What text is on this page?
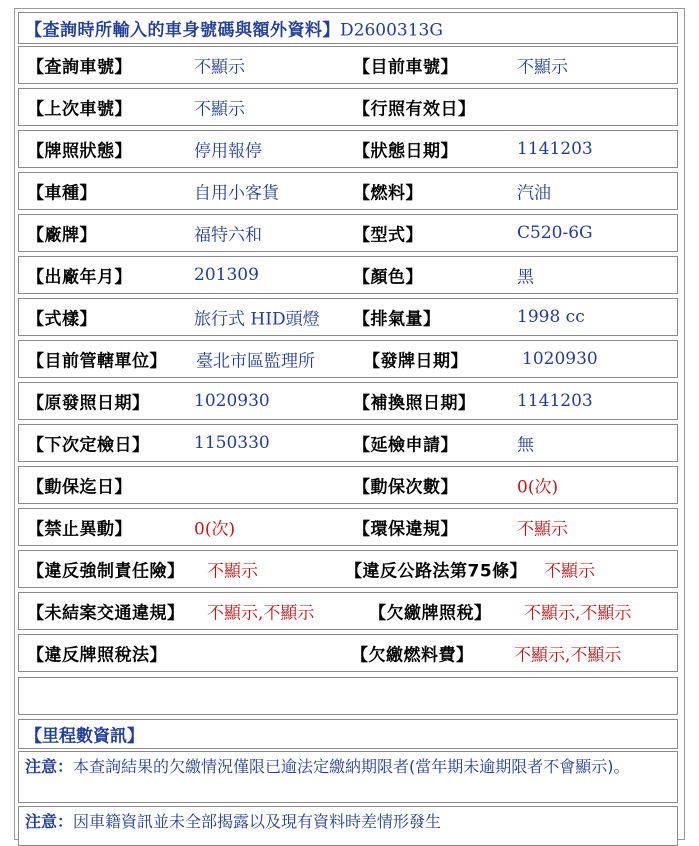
【查詢時所輸入的車身號碼與額外資料】D2600313G
【查詢車號】	不顯示	【目前車號】	不顯示
【上次車號】	不顯示	【行照有效日】
【牌照狀態】	停用報停	【狀態日期】	1141203
【車種】	自用小客貨	【燃料】	汽油
【廠牌】	福特六和	【型式】	C520-6G
【出廠年月】	201309	【顏色】	黑
【式樣】	旅行式 HID頭燈 【排氣量】	1998 cc
【目前管轄單位】 臺北市區監理所	【發牌日期】	1020930
【原發照日期】	1020930	【補換照日期】 1141203
【下次定檢日】	1150330	【延檢申請】	無
【動保迄日】	【動保次數】	0(次)
【禁止異動】	0(次)	【環保違規】	不顯示
【違反強制責任險】 不顯示	【違反公路法第75條】 不顯示
【未結案交通違規】 不顯示,不顯示	【欠繳牌照稅】 不顯示,不顯示
【違反牌照稅法】	【欠繳燃料費】 不顯示,不顯示
【里程數資訊】
注意：本查詢結果的欠繳情況僅限已逾法定繳納期限者(當年期未逾期限者不會顯示)。
注意：因車籍資訊並未全部揭露以及現有資料時差情形發生
